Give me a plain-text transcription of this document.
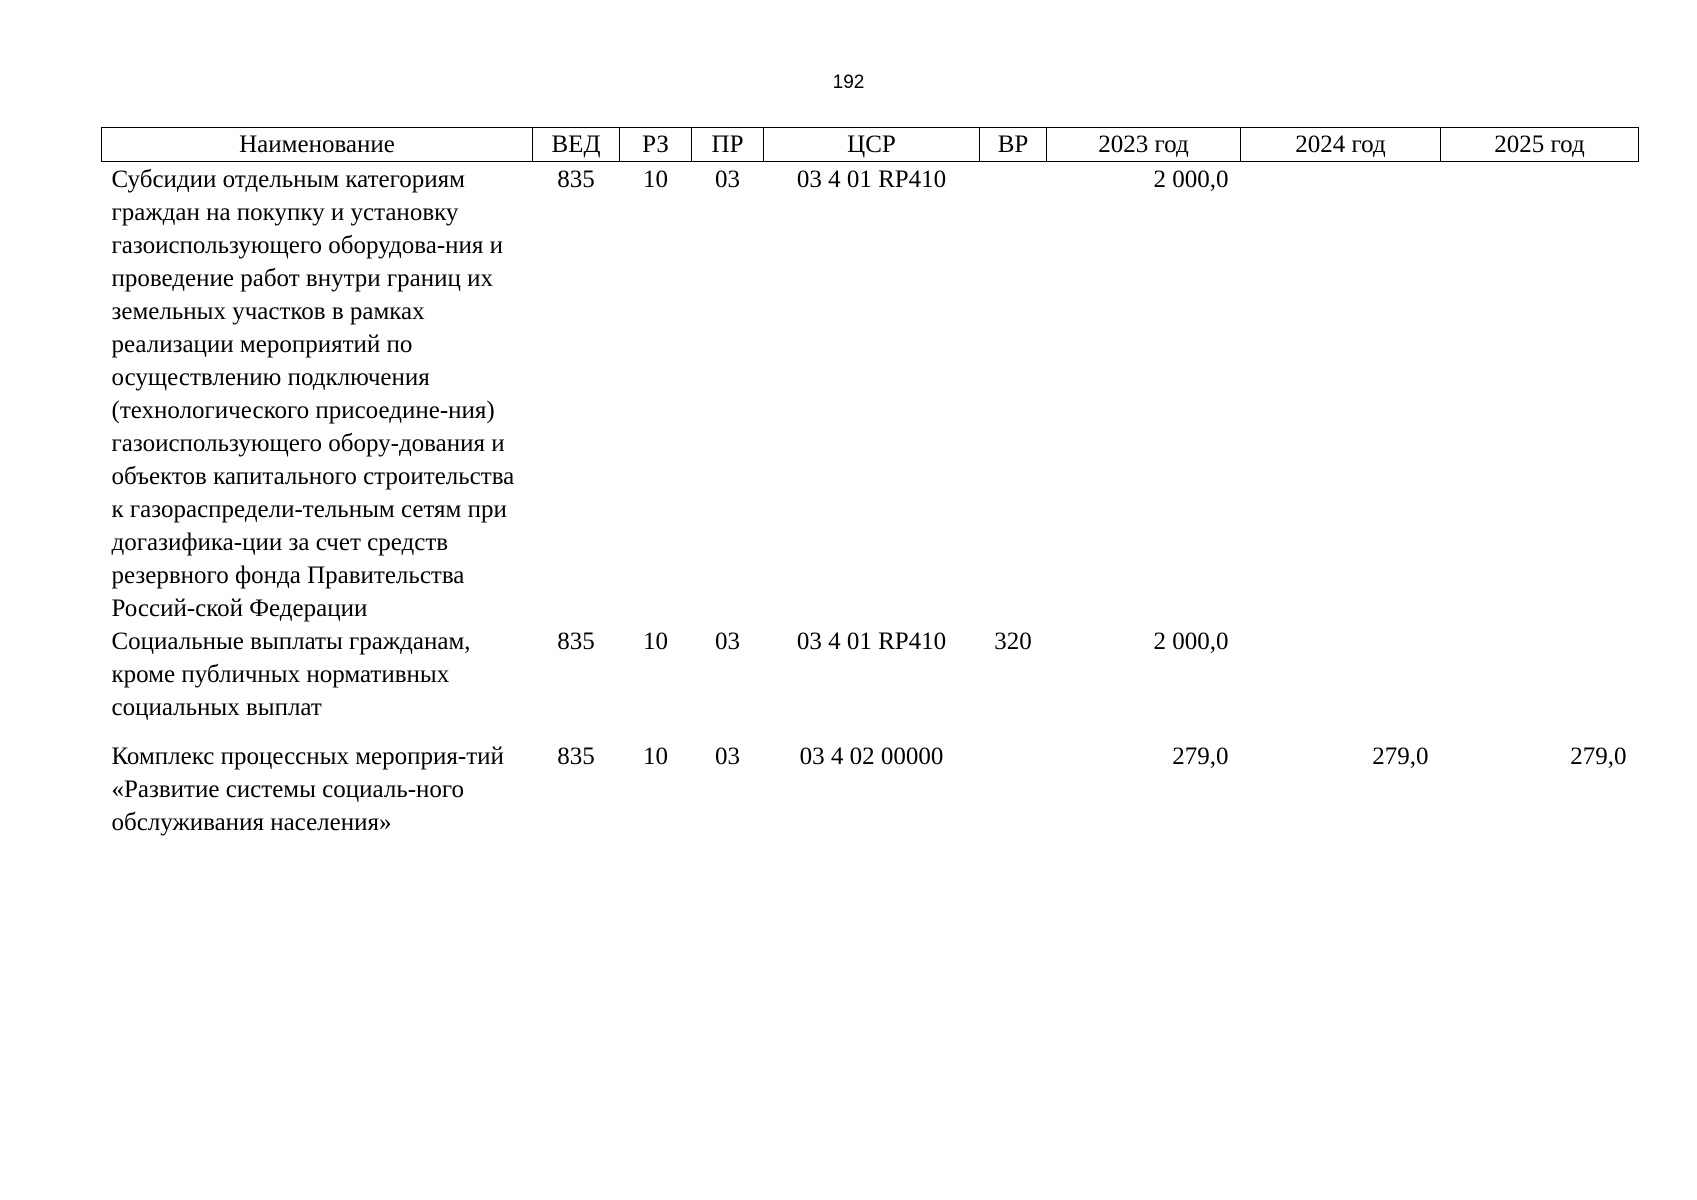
192
Наименование	ВЕД	РЗ	ПР	ЦСР	ВР	2023 год	2024 год	2025 год
Субсидии отдельным категориям граждан на покупку и установку газоиспользующего оборудова-ния и проведение работ внутри границ их земельных участков в рамках реализации мероприятий по осуществлению подключения (технологического присоедине-ния) газоиспользующего обору-дования и объектов капитального строительства к газораспредели-тельным сетям при догазифика-ции за счет средств резервного фонда Правительства Россий-ской Федерации	835	10	03	03 4 01 RP410		2 000,0		
Социальные выплаты гражданам, кроме публичных нормативных социальных выплат	835	10	03	03 4 01 RP410	320	2 000,0		
Комплекс процессных мероприя-тий «Развитие системы социаль-ного обслуживания населения»	835	10	03	03 4 02 00000		279,0	279,0	279,0
